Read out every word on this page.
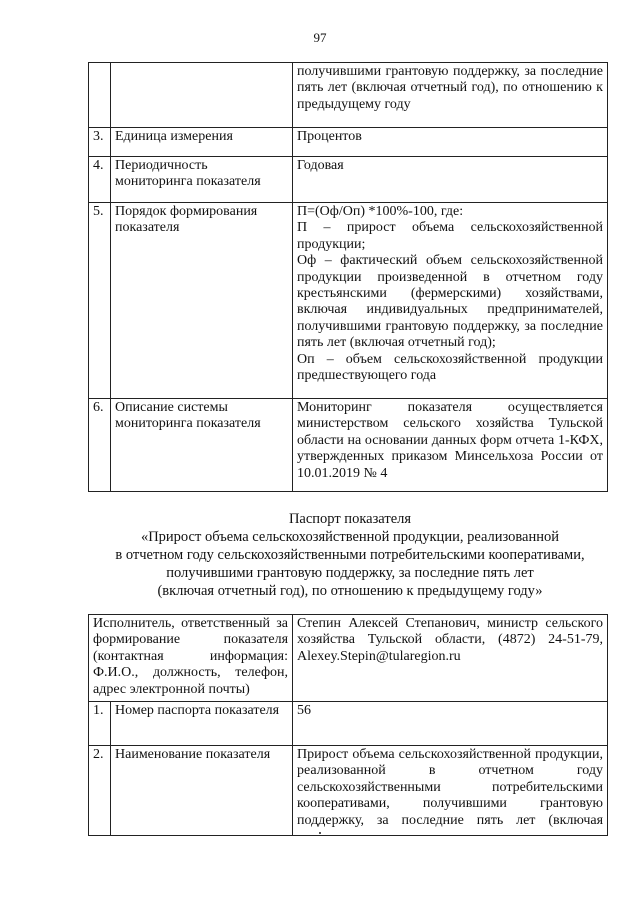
97
		получившими грантовую поддержку, за последние пять лет (включая отчетный год), по отношению к предыдущему году
3.	Единица измерения	Процентов
4.	Периодичность мониторинга показателя	Годовая
5.	Порядок формирования показателя	П=(Оф/Оп) *100%-100, где:
П – прирост объема сельскохозяйственной продукции;
Оф – фактический объем сельскохозяйственной продукции произведенной в отчетном году крестьянскими (фермерскими) хозяйствами, включая индивидуальных предпринимателей, получившими грантовую поддержку, за последние пять лет (включая отчетный год);
Оп – объем сельскохозяйственной продукции предшествующего года

6.	Описание системы мониторинга показателя	Мониторинг показателя осуществляется министерством сельского хозяйства Тульской области на основании данных форм отчета 1-КФХ, утвержденных приказом Минсельхоза России от 10.01.2019 № 4
Паспорт показателя
«Прирост объема сельскохозяйственной продукции, реализованной
в отчетном году сельскохозяйственными потребительскими кооперативами,
получившими грантовую поддержку, за последние пять лет
(включая отчетный год), по отношению к предыдущему году»
Исполнитель, ответственный за формирование показателя (контактная информация: Ф.И.О., должность, телефон, адрес электронной почты)		Степин Алексей Степанович, министр сельского хозяйства Тульской области, (4872) 24-51-79, Alexey.Stepin@tularegion.ru
1.	Номер паспорта показателя	56
2.	Наименование показателя	Прирост объема сельскохозяйственной продукции, реализованной в отчетном году сельскохозяйственными потребительскими кооперативами, получившими грантовую поддержку, за последние пять лет (включая
